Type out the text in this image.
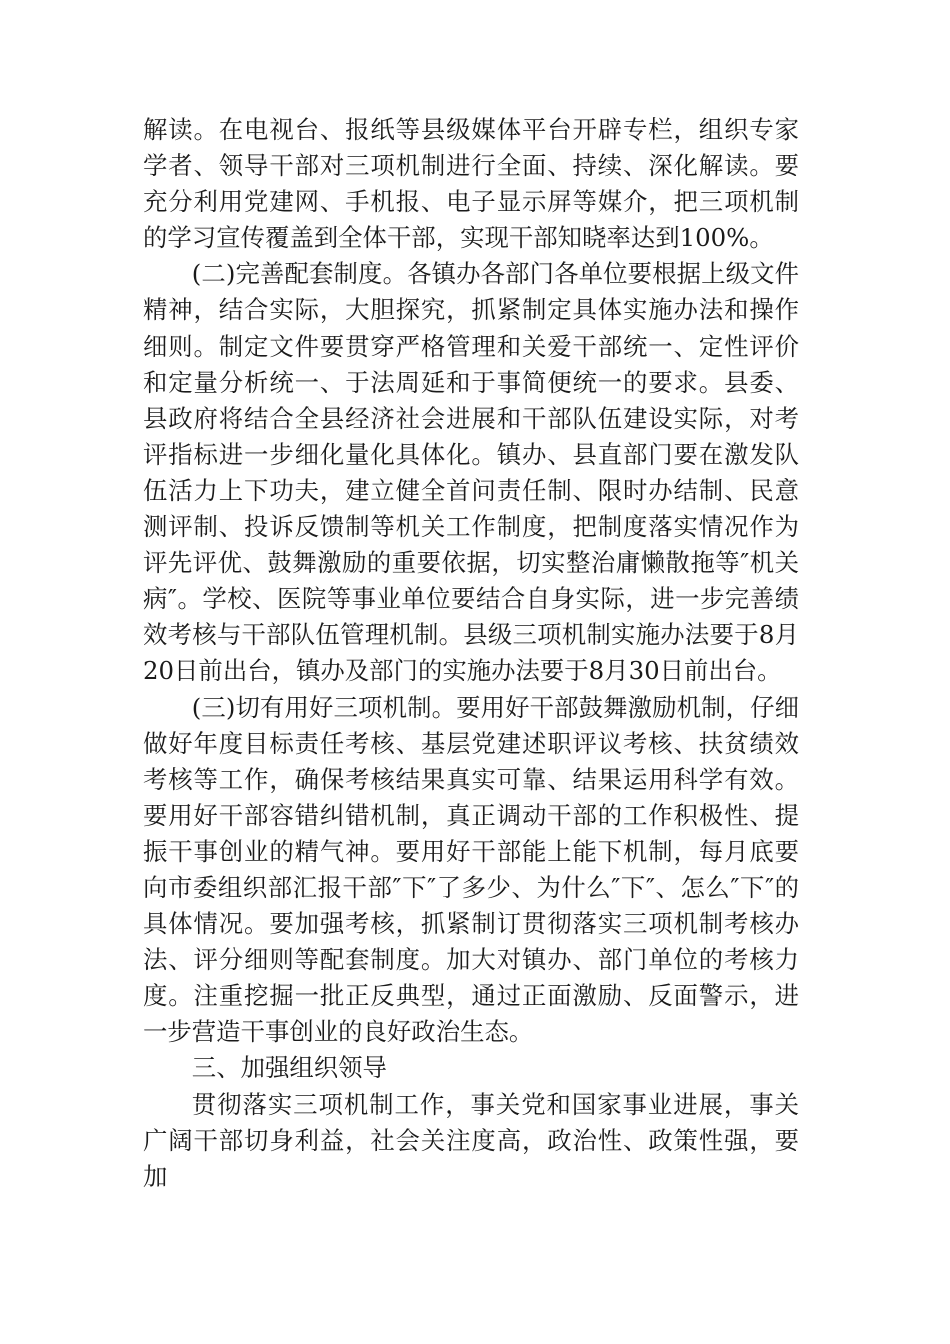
解读。在电视台、报纸等县级媒体平台开辟专栏，组织专家学者、领导干部对三项机制进行全面、持续、深化解读。要充分利用党建网、手机报、电子显示屏等媒介，把三项机制的学习宣传覆盖到全体干部，实现干部知晓率达到100%。

(二)完善配套制度。各镇办各部门各单位要根据上级文件精神，结合实际，大胆探究，抓紧制定具体实施办法和操作细则。制定文件要贯穿严格管理和关爱干部统一、定性评价和定量分析统一、于法周延和于事简便统一的要求。县委、县政府将结合全县经济社会进展和干部队伍建设实际，对考评指标进一步细化量化具体化。镇办、县直部门要在激发队伍活力上下功夫，建立健全首问责任制、限时办结制、民意测评制、投诉反馈制等机关工作制度，把制度落实情况作为评先评优、鼓舞激励的重要依据，切实整治庸懒散拖等″机关病″。学校、医院等事业单位要结合自身实际，进一步完善绩效考核与干部队伍管理机制。县级三项机制实施办法要于8月20日前出台，镇办及部门的实施办法要于8月30日前出台。

(三)切有用好三项机制。要用好干部鼓舞激励机制，仔细做好年度目标责任考核、基层党建述职评议考核、扶贫绩效考核等工作，确保考核结果真实可靠、结果运用科学有效。要用好干部容错纠错机制，真正调动干部的工作积极性、提振干事创业的精气神。要用好干部能上能下机制，每月底要向市委组织部汇报干部″下″了多少、为什么″下″、怎么″下″的具体情况。要加强考核，抓紧制订贯彻落实三项机制考核办法、评分细则等配套制度。加大对镇办、部门单位的考核力度。注重挖掘一批正反典型，通过正面激励、反面警示，进一步营造干事创业的良好政治生态。

三、加强组织领导

贯彻落实三项机制工作，事关党和国家事业进展，事关广阔干部切身利益，社会关注度高，政治性、政策性强，要加
